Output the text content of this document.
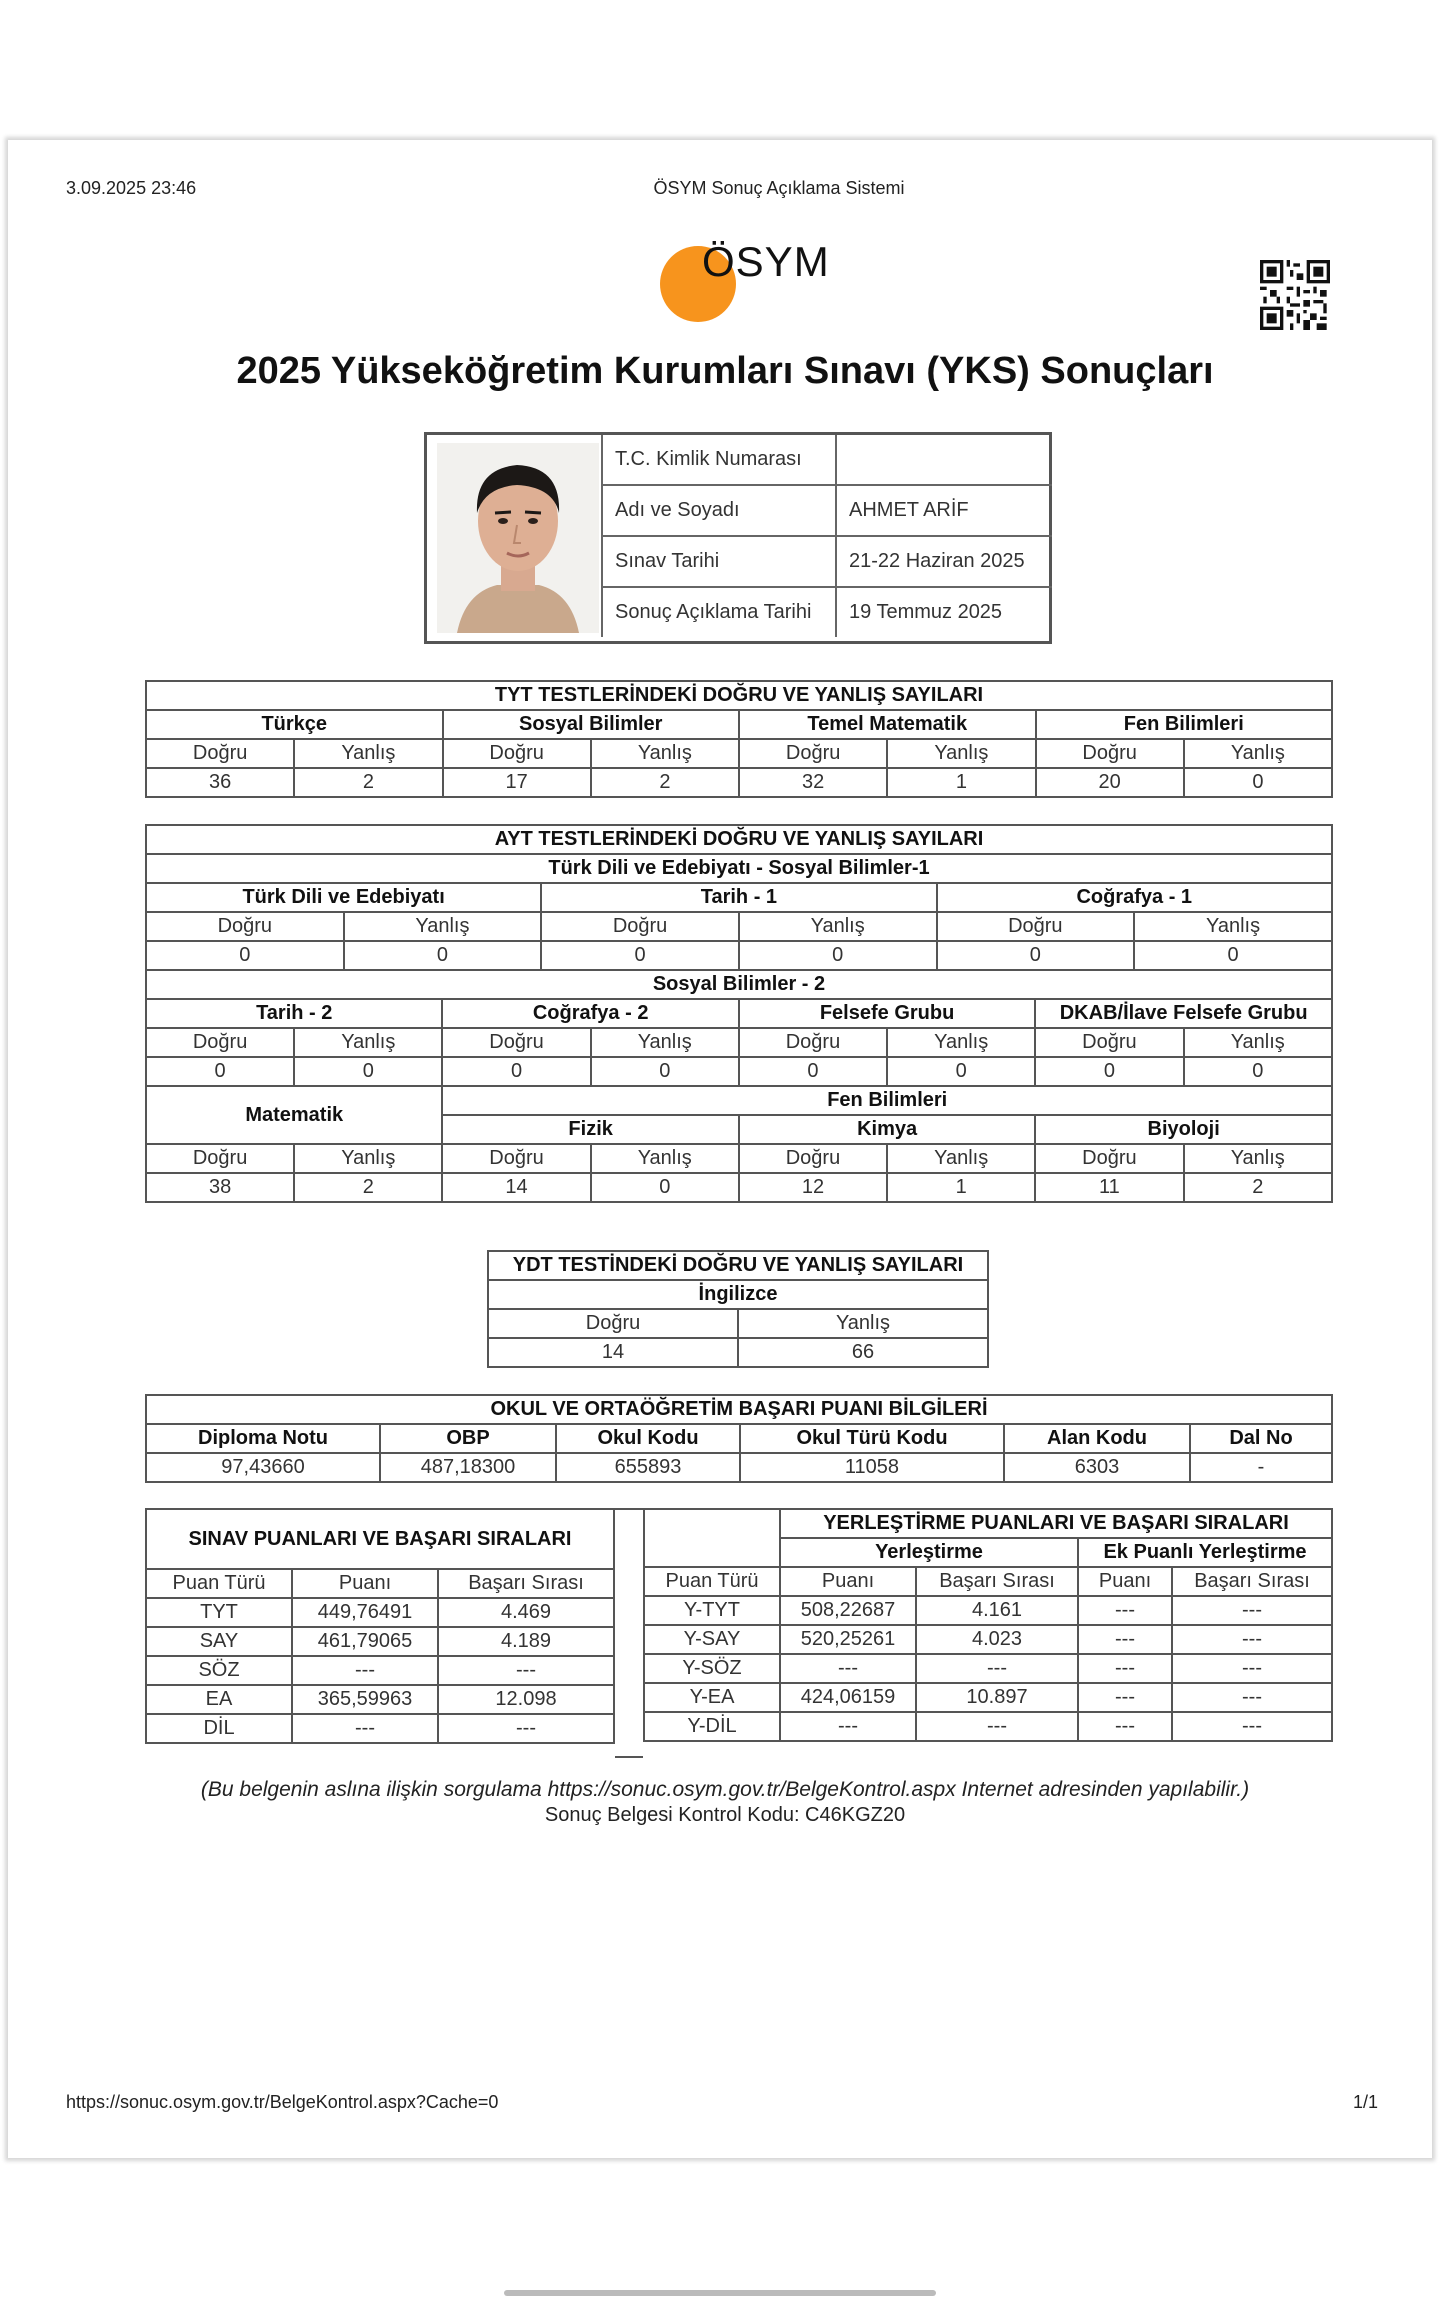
3.09.2025 23:46	ÖSYM Sonuç Açıklama Sistemi
ÖSYM
2025 Yükseköğretim Kurumları Sınavı (YKS) Sonuçları
T.C. Kimlik Numarası	
Adı ve Soyadı	AHMET ARİF
Sınav Tarihi	21-22 Haziran 2025
Sonuç Açıklama Tarihi	19 Temmuz 2025
TYT TESTLERİNDEKİ DOĞRU VE YANLIŞ SAYILARI							
Türkçe		Sosyal Bilimler		Temel Matematik		Fen Bilimleri	
Doğru	Yanlış	Doğru	Yanlış	Doğru	Yanlış	Doğru	Yanlış
36	2	17	2	32	1	20	0
AYT TESTLERİNDEKİ DOĞRU VE YANLIŞ SAYILARI											
Türk Dili ve Edebiyatı - Sosyal Bilimler-1											
Türk Dili ve Edebiyatı				Tarih - 1				Coğrafya - 1			
Doğru		Yanlış		Doğru		Yanlış		Doğru		Yanlış	
0		0		0		0		0		0	
Sosyal Bilimler - 2											
Tarih - 2			Coğrafya - 2			Felsefe Grubu			DKAB/İlave Felsefe Grubu		
Doğru	Yanlış		Doğru		Yanlış	Doğru	Yanlış		Doğru		Yanlış
0	0		0		0	0	0		0		0
Matematik			Fen Bilimleri								
			Fizik			Kimya			Biyoloji		
Doğru	Yanlış		Doğru		Yanlış	Doğru	Yanlış		Doğru		Yanlış
38	2		14		0	12	1		11		2
YDT TESTİNDEKİ DOĞRU VE YANLIŞ SAYILARI	
İngilizce	
Doğru	Yanlış
14	66
OKUL VE ORTAÖĞRETİM BAŞARI PUANI BİLGİLERİ					
Diploma Notu	OBP	Okul Kodu	Okul Türü Kodu	Alan Kodu	Dal No
97,43660	487,18300	655893	11058	6303	-
SINAV PUANLARI VE BAŞARI SIRALARI		
Puan Türü	Puanı	Başarı Sırası
TYT	449,76491	4.469
SAY	461,79065	4.189
SÖZ	---	---
EA	365,59963	12.098
DİL	---	---
	YERLEŞTİRME PUANLARI VE BAŞARI SIRALARI			
	Yerleştirme		Ek Puanlı Yerleştirme	
Puan Türü	Puanı	Başarı Sırası	Puanı	Başarı Sırası
Y-TYT	508,22687	4.161	---	---
Y-SAY	520,25261	4.023	---	---
Y-SÖZ	---	---	---	---
Y-EA	424,06159	10.897	---	---
Y-DİL	---	---	---	---
(Bu belgenin aslına ilişkin sorgulama https://sonuc.osym.gov.tr/BelgeKontrol.aspx Internet adresinden yapılabilir.)
Sonuç Belgesi Kontrol Kodu: C46KGZ20
https://sonuc.osym.gov.tr/BelgeKontrol.aspx?Cache=0	1/1
